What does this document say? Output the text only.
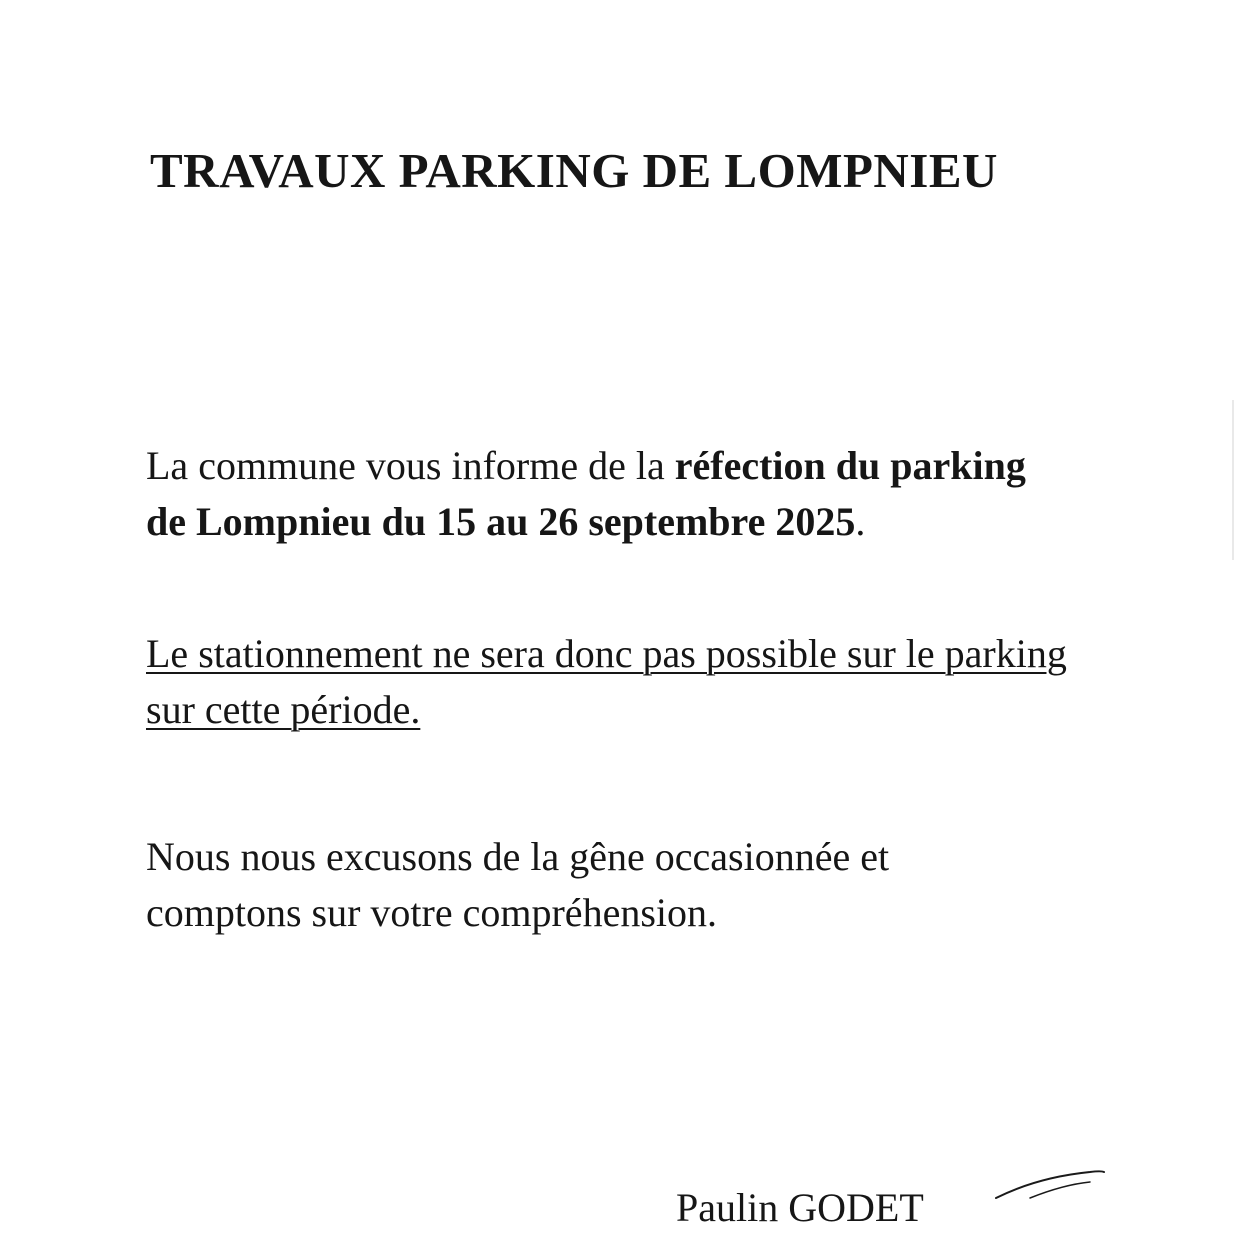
TRAVAUX PARKING DE LOMPNIEU

La commune vous informe de la réfection du parking de Lompnieu du 15 au 26 septembre 2025.

Le stationnement ne sera donc pas possible sur le parking sur cette période.

Nous nous excusons de la gêne occasionnée et comptons sur votre compréhension.

Paulin GODET
